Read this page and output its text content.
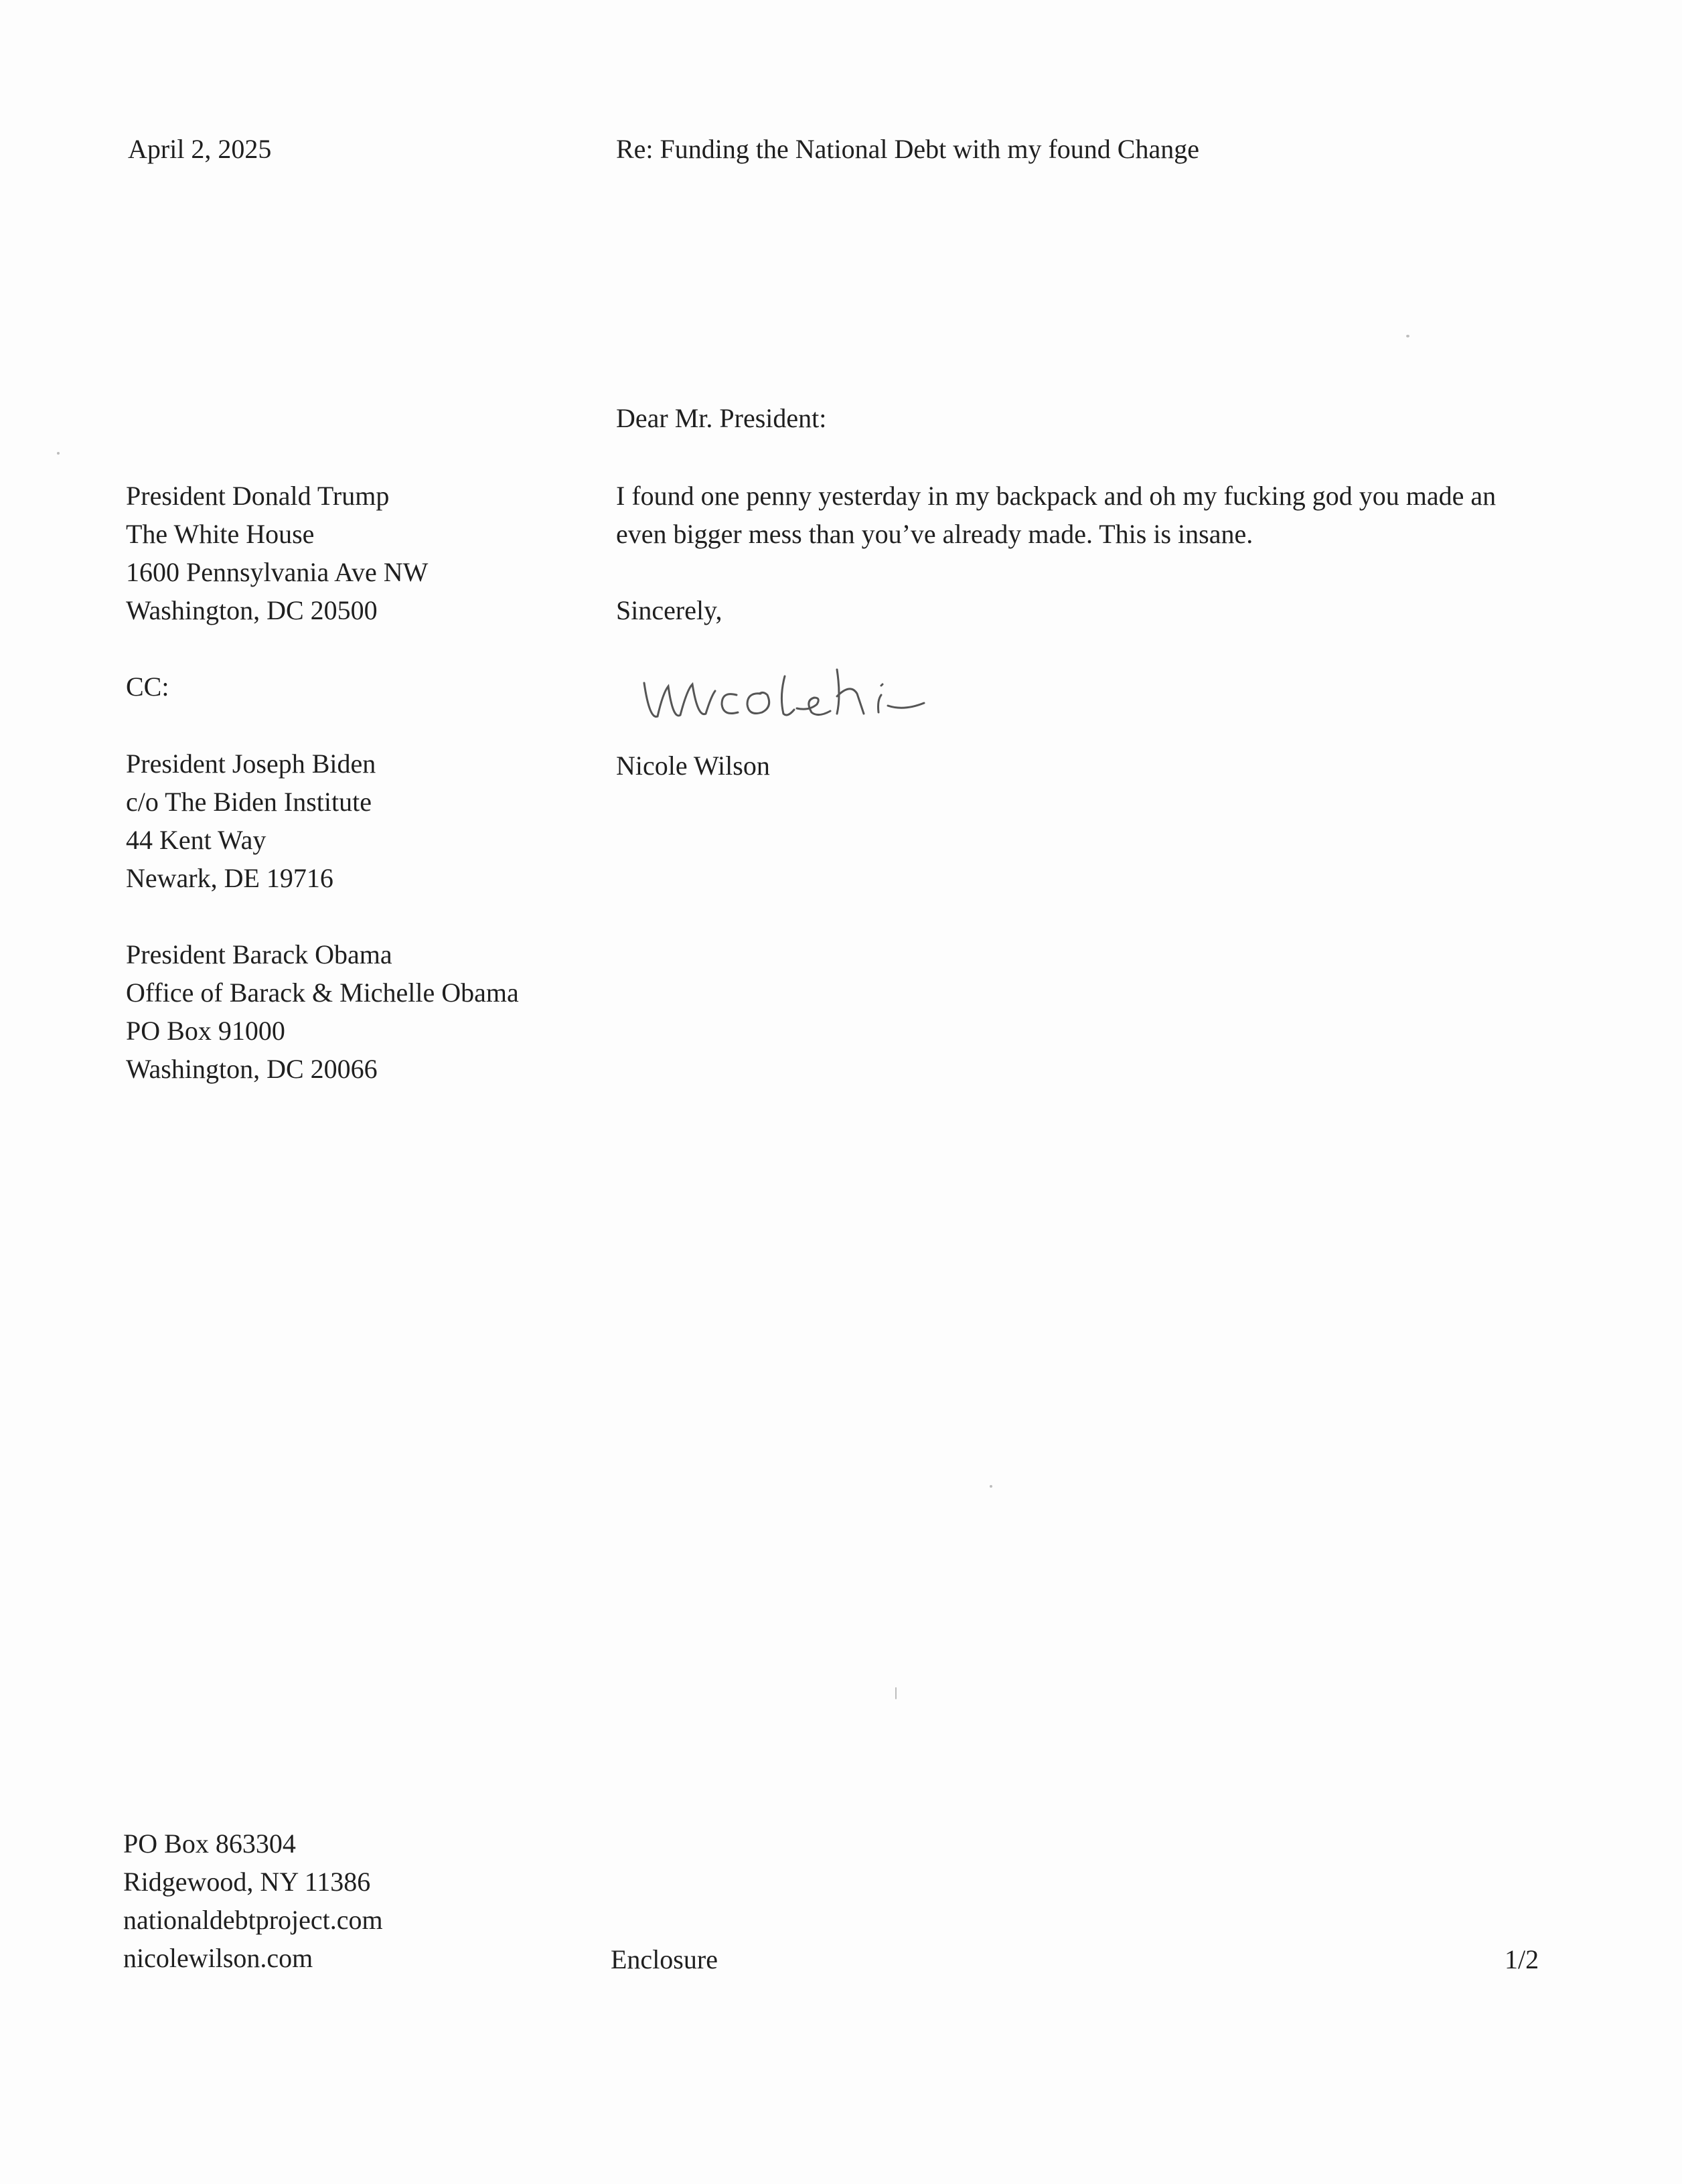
April 2, 2025	Re: Funding the National Debt with my found Change
Dear Mr. President:
President Donald Trump
The White House
1600 Pennsylvania Ave NW
Washington, DC 20500
I found one penny yesterday in my backpack and oh my fucking god you made an
even bigger mess than you’ve already made. This is insane.
Sincerely,
Nicole Wilson
CC:
President Joseph Biden
c/o The Biden Institute
44 Kent Way
Newark, DE 19716
President Barack Obama
Office of Barack & Michelle Obama
PO Box 91000
Washington, DC 20066
PO Box 863304
Ridgewood, NY 11386
nationaldebtproject.com
nicolewilson.com	Enclosure	1/2
